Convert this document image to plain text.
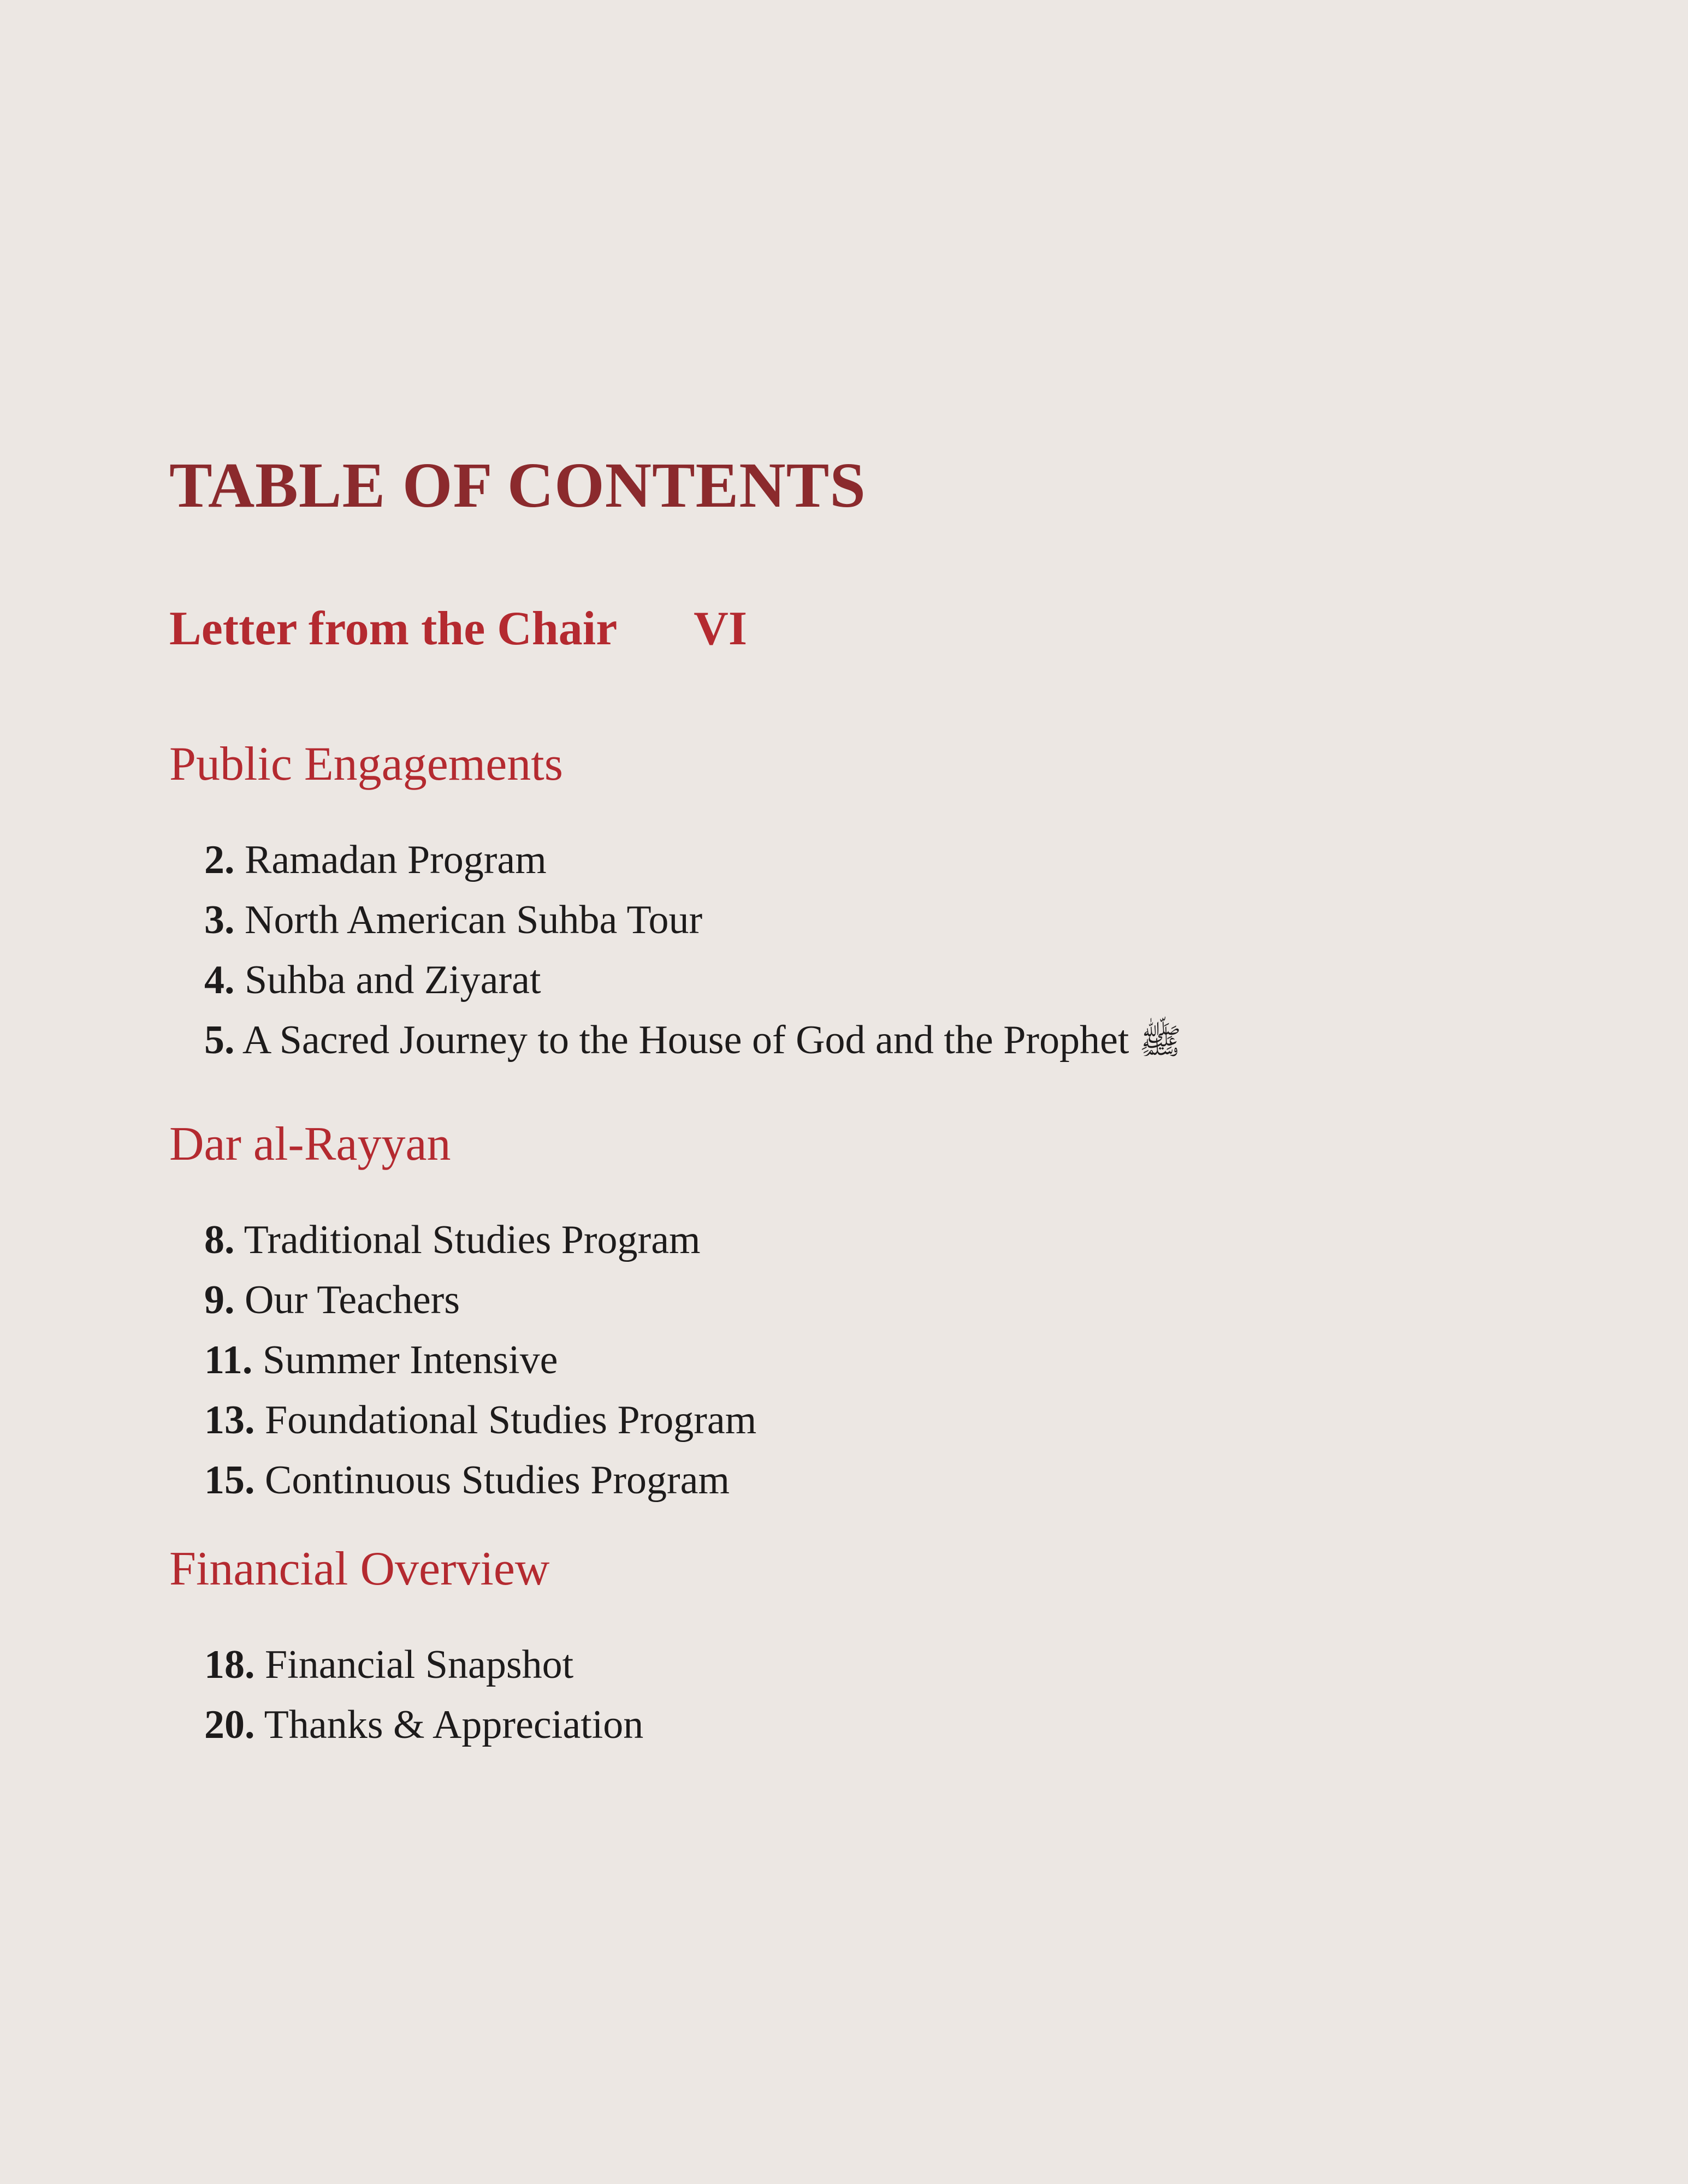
TABLE OF CONTENTS
Letter from the Chair VI
Public Engagements
2. Ramadan Program
3. North American Suhba Tour
4. Suhba and Ziyarat
5. A Sacred Journey to the House of God and the Prophet ﷺ
Dar al-Rayyan
8. Traditional Studies Program
9. Our Teachers
11. Summer Intensive
13. Foundational Studies Program
15. Continuous Studies Program
Financial Overview
18. Financial Snapshot
20. Thanks & Appreciation
